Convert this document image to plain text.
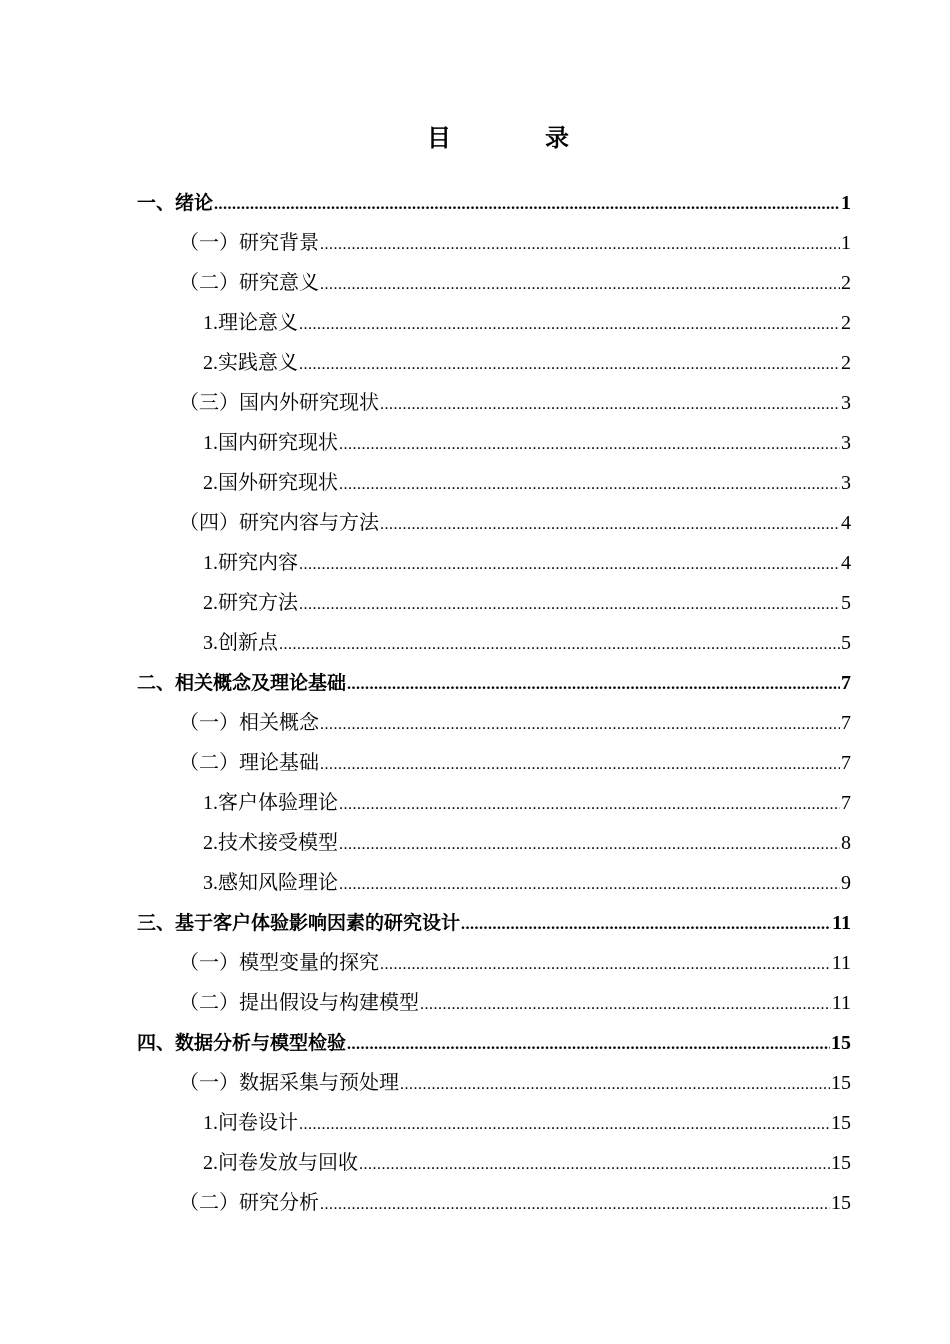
目	录
一、绪论 .....	1
（一）研究背景 .....	1
（二）研究意义 .....	2
1.理论意义 .....	2
2.实践意义 .....	2
（三）国内外研究现状 .....	3
1.国内研究现状 .....	3
2.国外研究现状 .....	3
（四）研究内容与方法 .....	4
1.研究内容 .....	4
2.研究方法 .....	5
3.创新点 .....	5
二、相关概念及理论基础 .....	7
（一）相关概念 .....	7
（二）理论基础 .....	7
1.客户体验理论 .....	7
2.技术接受模型 .....	8
3.感知风险理论 .....	9
三、基于客户体验影响因素的研究设计 .....	11
（一）模型变量的探究 .....	11
（二）提出假设与构建模型 .....	11
四、数据分析与模型检验 .....	15
（一）数据采集与预处理 .....	15
1.问卷设计 .....	15
2.问卷发放与回收 .....	15
（二）研究分析 .....	15
